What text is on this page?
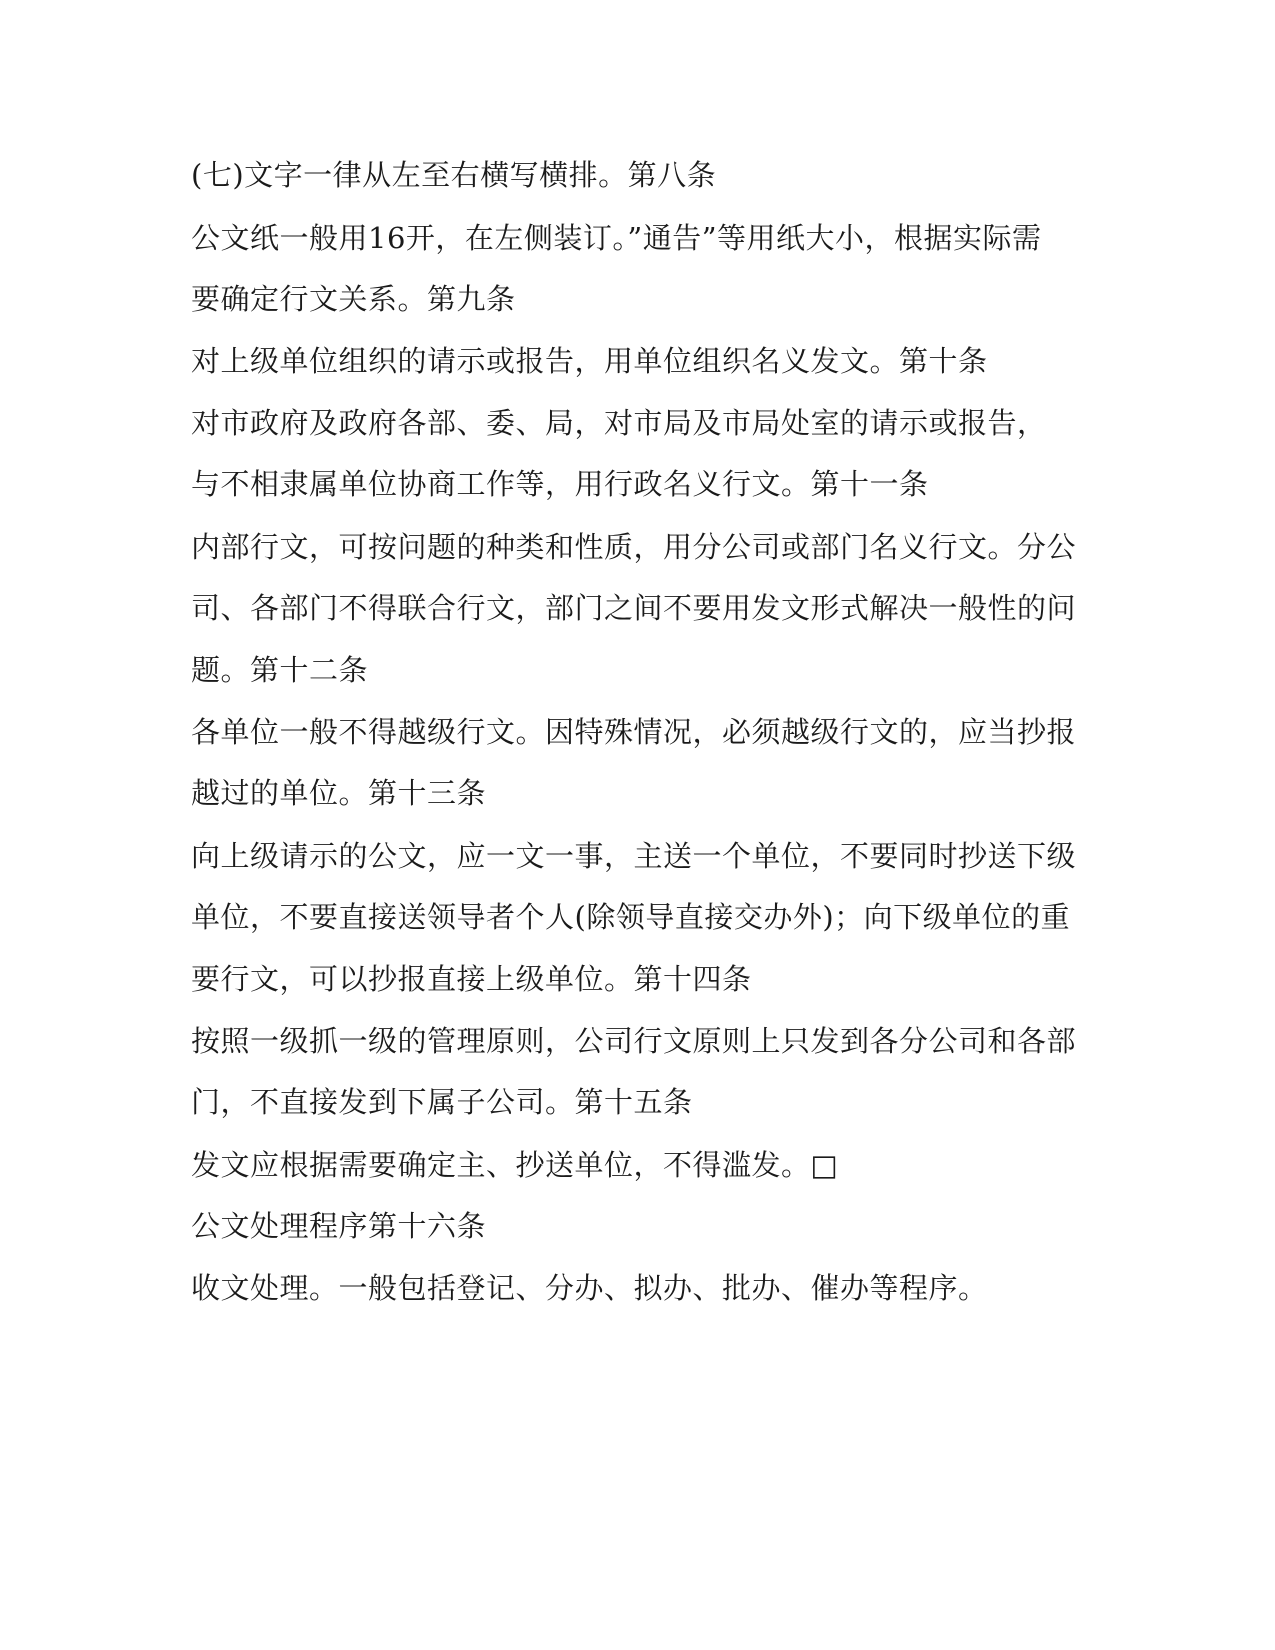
(七)文字一律从左至右横写横排。第八条
公文纸一般用16开，在左侧装订。”通告”等用纸大小，根据实际需
要确定行文关系。第九条
对上级单位组织的请示或报告，用单位组织名义发文。第十条
对市政府及政府各部、委、局，对市局及市局处室的请示或报告，
与不相隶属单位协商工作等，用行政名义行文。第十一条
内部行文，可按问题的种类和性质，用分公司或部门名义行文。分公
司、各部门不得联合行文，部门之间不要用发文形式解决一般性的问
题。第十二条
各单位一般不得越级行文。因特殊情况，必须越级行文的，应当抄报
越过的单位。第十三条
向上级请示的公文，应一文一事，主送一个单位，不要同时抄送下级
单位，不要直接送领导者个人(除领导直接交办外)；向下级单位的重
要行文，可以抄报直接上级单位。第十四条
按照一级抓一级的管理原则，公司行文原则上只发到各分公司和各部
门，不直接发到下属子公司。第十五条
发文应根据需要确定主、抄送单位，不得滥发。□
公文处理程序第十六条
收文处理。一般包括登记、分办、拟办、批办、催办等程序。
